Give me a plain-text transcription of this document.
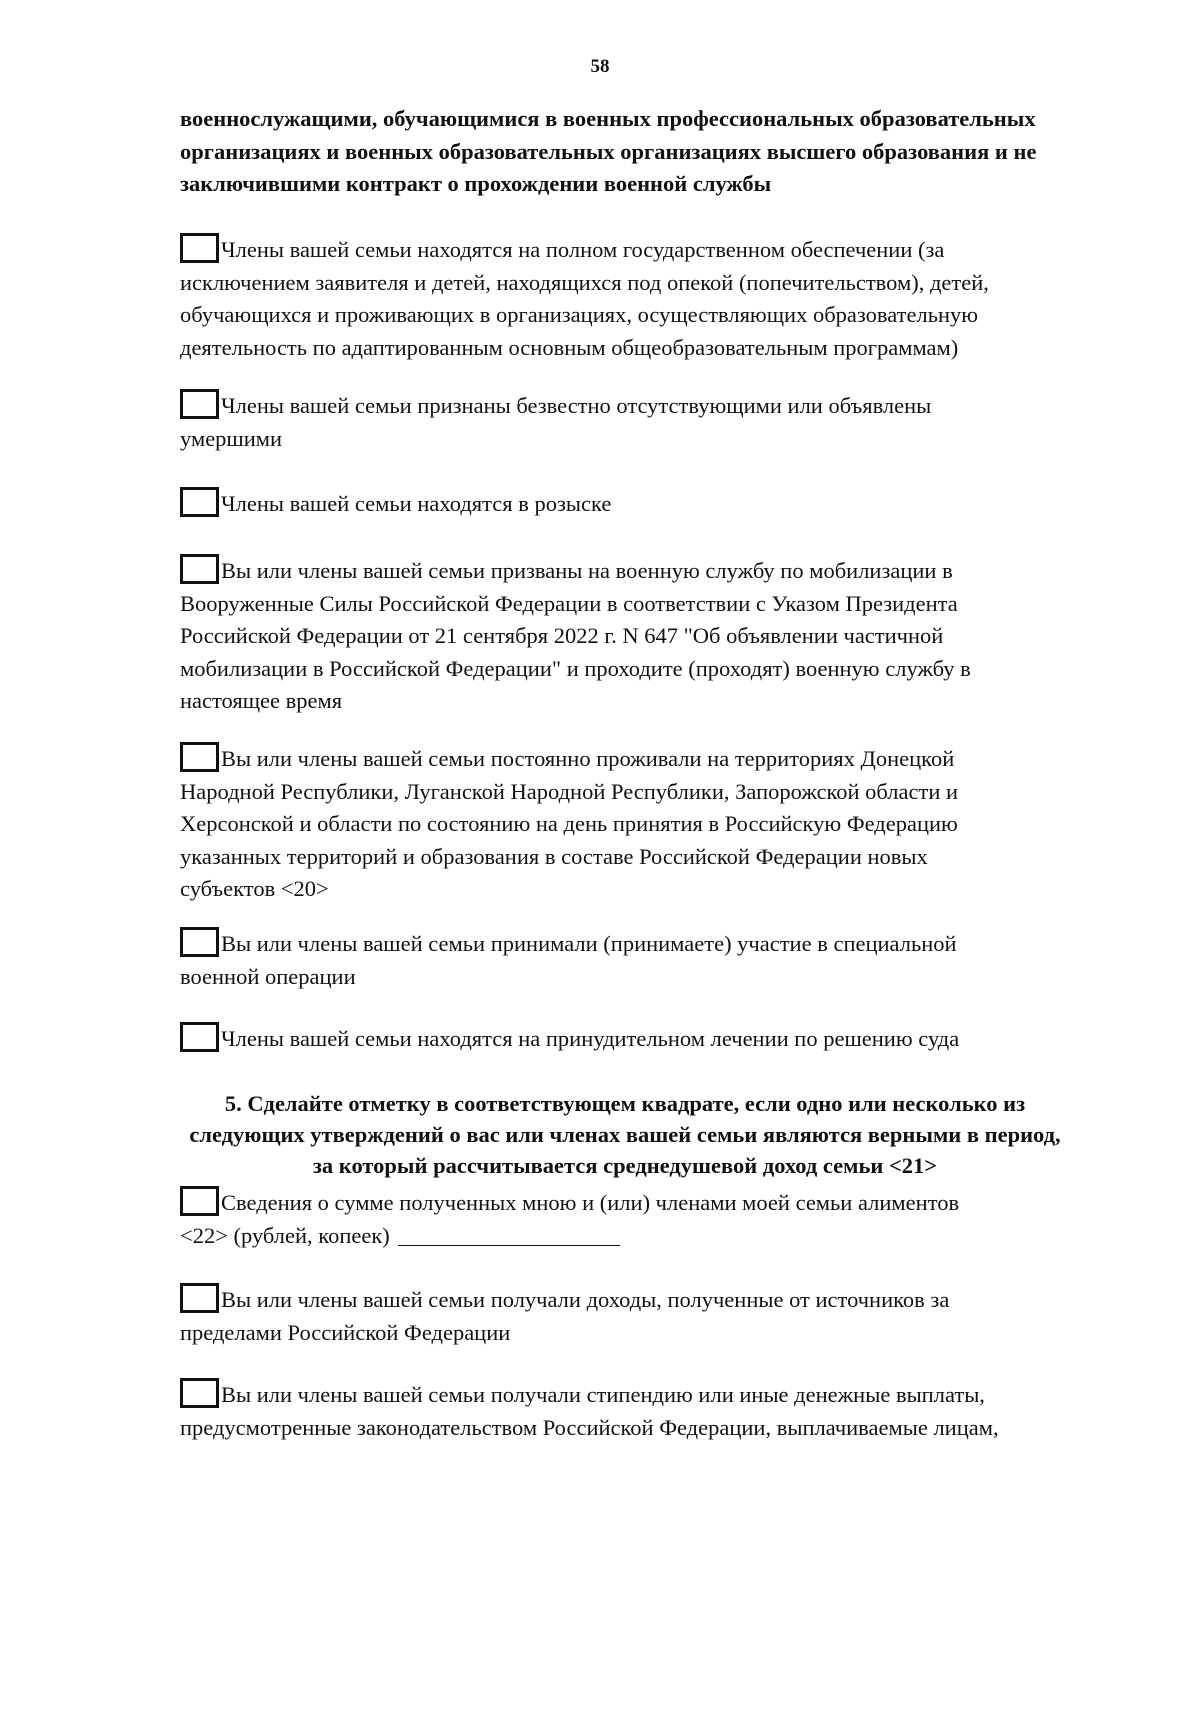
58
военнослужащими, обучающимися в военных профессиональных образовательных
организациях и военных образовательных организациях высшего образования и не
заключившими контракт о прохождении военной службы
Члены вашей семьи находятся на полном государственном обеспечении (за
исключением заявителя и детей, находящихся под опекой (попечительством), детей,
обучающихся и проживающих в организациях, осуществляющих образовательную
деятельность по адаптированным основным общеобразовательным программам)
Члены вашей семьи признаны безвестно отсутствующими или объявлены
умершими
Члены вашей семьи находятся в розыске
Вы или члены вашей семьи призваны на военную службу по мобилизации в
Вооруженные Силы Российской Федерации в соответствии с Указом Президента
Российской Федерации от 21 сентября 2022 г. N 647 "Об объявлении частичной
мобилизации в Российской Федерации" и проходите (проходят) военную службу в
настоящее время
Вы или члены вашей семьи постоянно проживали на территориях Донецкой
Народной Республики, Луганской Народной Республики, Запорожской области и
Херсонской и области по состоянию на день принятия в Российскую Федерацию
указанных территорий и образования в составе Российской Федерации новых
субъектов <20>
Вы или члены вашей семьи принимали (принимаете) участие в специальной
военной операции
Члены вашей семьи находятся на принудительном лечении по решению суда
5. Сделайте отметку в соответствующем квадрате, если одно или несколько из
следующих утверждений о вас или членах вашей семьи являются верными в период,
за который рассчитывается среднедушевой доход семьи <21>
Сведения о сумме полученных мною и (или) членами моей семьи алиментов
<22> (рублей, копеек)
Вы или члены вашей семьи получали доходы, полученные от источников за
пределами Российской Федерации
Вы или члены вашей семьи получали стипендию или иные денежные выплаты,
предусмотренные законодательством Российской Федерации, выплачиваемые лицам,
